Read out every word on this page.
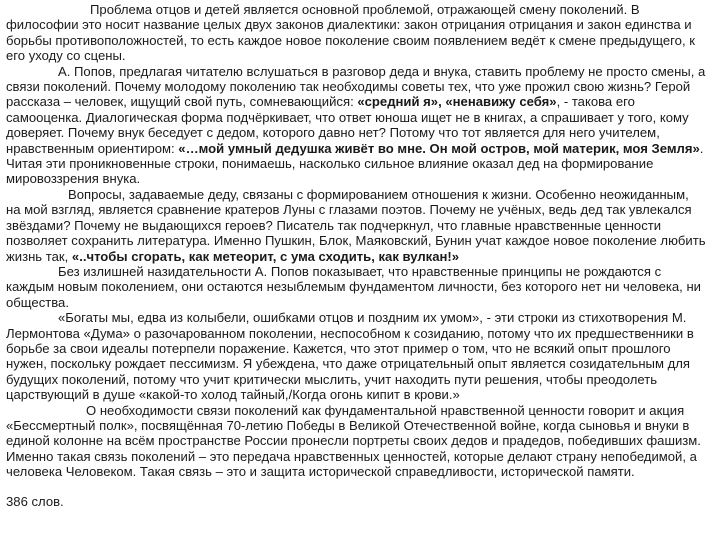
Проблема отцов и детей является основной проблемой, отражающей смену поколений. В философии это носит название целых двух законов диалектики: закон отрицания отрицания и закон единства и борьбы противоположностей, то есть каждое новое поколение своим появлением ведёт к смене предыдущего, к его уходу со сцены.

А. Попов, предлагая читателю вслушаться в разговор деда и внука, ставить проблему не просто смены, а связи поколений. Почему молодому поколению так необходимы советы тех, что уже прожил свою жизнь? Герой рассказа – человек, ищущий свой путь, сомневающийся: «средний я», «ненавижу себя», - такова его самооценка. Диалогическая форма подчёркивает, что ответ юноша ищет не в книгах, а спрашивает у того, кому доверяет. Почему внук беседует с дедом, которого давно нет? Потому что тот является для него учителем, нравственным ориентиром: «…мой умный дедушка живёт во мне. Он мой остров, мой материк, моя Земля». Читая эти проникновенные строки, понимаешь, насколько сильное влияние оказал дед на формирование мировоззрения внука.

Вопросы, задаваемые деду, связаны с формированием отношения к жизни. Особенно неожиданным, на мой взгляд, является сравнение кратеров Луны с глазами поэтов. Почему не учёных, ведь дед так увлекался звёздами? Почему не выдающихся героев? Писатель так подчеркнул, что главные нравственные ценности позволяет сохранить литература. Именно Пушкин, Блок, Маяковский, Бунин учат каждое новое поколение любить жизнь так, «..чтобы сгорать, как метеорит, с ума сходить, как вулкан!»

Без излишней назидательности А. Попов показывает, что нравственные принципы не рождаются с каждым новым поколением, они остаются незыблемым фундаментом личности, без которого нет ни человека, ни общества.

«Богаты мы, едва из колыбели, ошибками отцов и поздним их умом», - эти строки из стихотворения М. Лермонтова «Дума» о разочарованном поколении, неспособном к созиданию, потому что их предшественники в борьбе за свои идеалы потерпели поражение. Кажется, что этот пример о том, что не всякий опыт прошлого нужен, поскольку рождает пессимизм. Я убеждена, что даже отрицательный опыт является созидательным для будущих поколений, потому что учит критически мыслить, учит находить пути решения, чтобы преодолеть царствующий в душе «какой-то холод тайный,/Когда огонь кипит в крови.»

О необходимости связи поколений как фундаментальной нравственной ценности говорит и акция «Бессмертный полк», посвящённая 70-летию Победы в Великой Отечественной войне, когда сыновья и внуки в единой колонне на всём пространстве России пронесли портреты своих дедов и прадедов, победивших фашизм. Именно такая связь поколений – это передача нравственных ценностей, которые делают страну непобедимой, а человека Человеком. Такая связь – это и защита исторической справедливости, исторической памяти.

386 слов.
